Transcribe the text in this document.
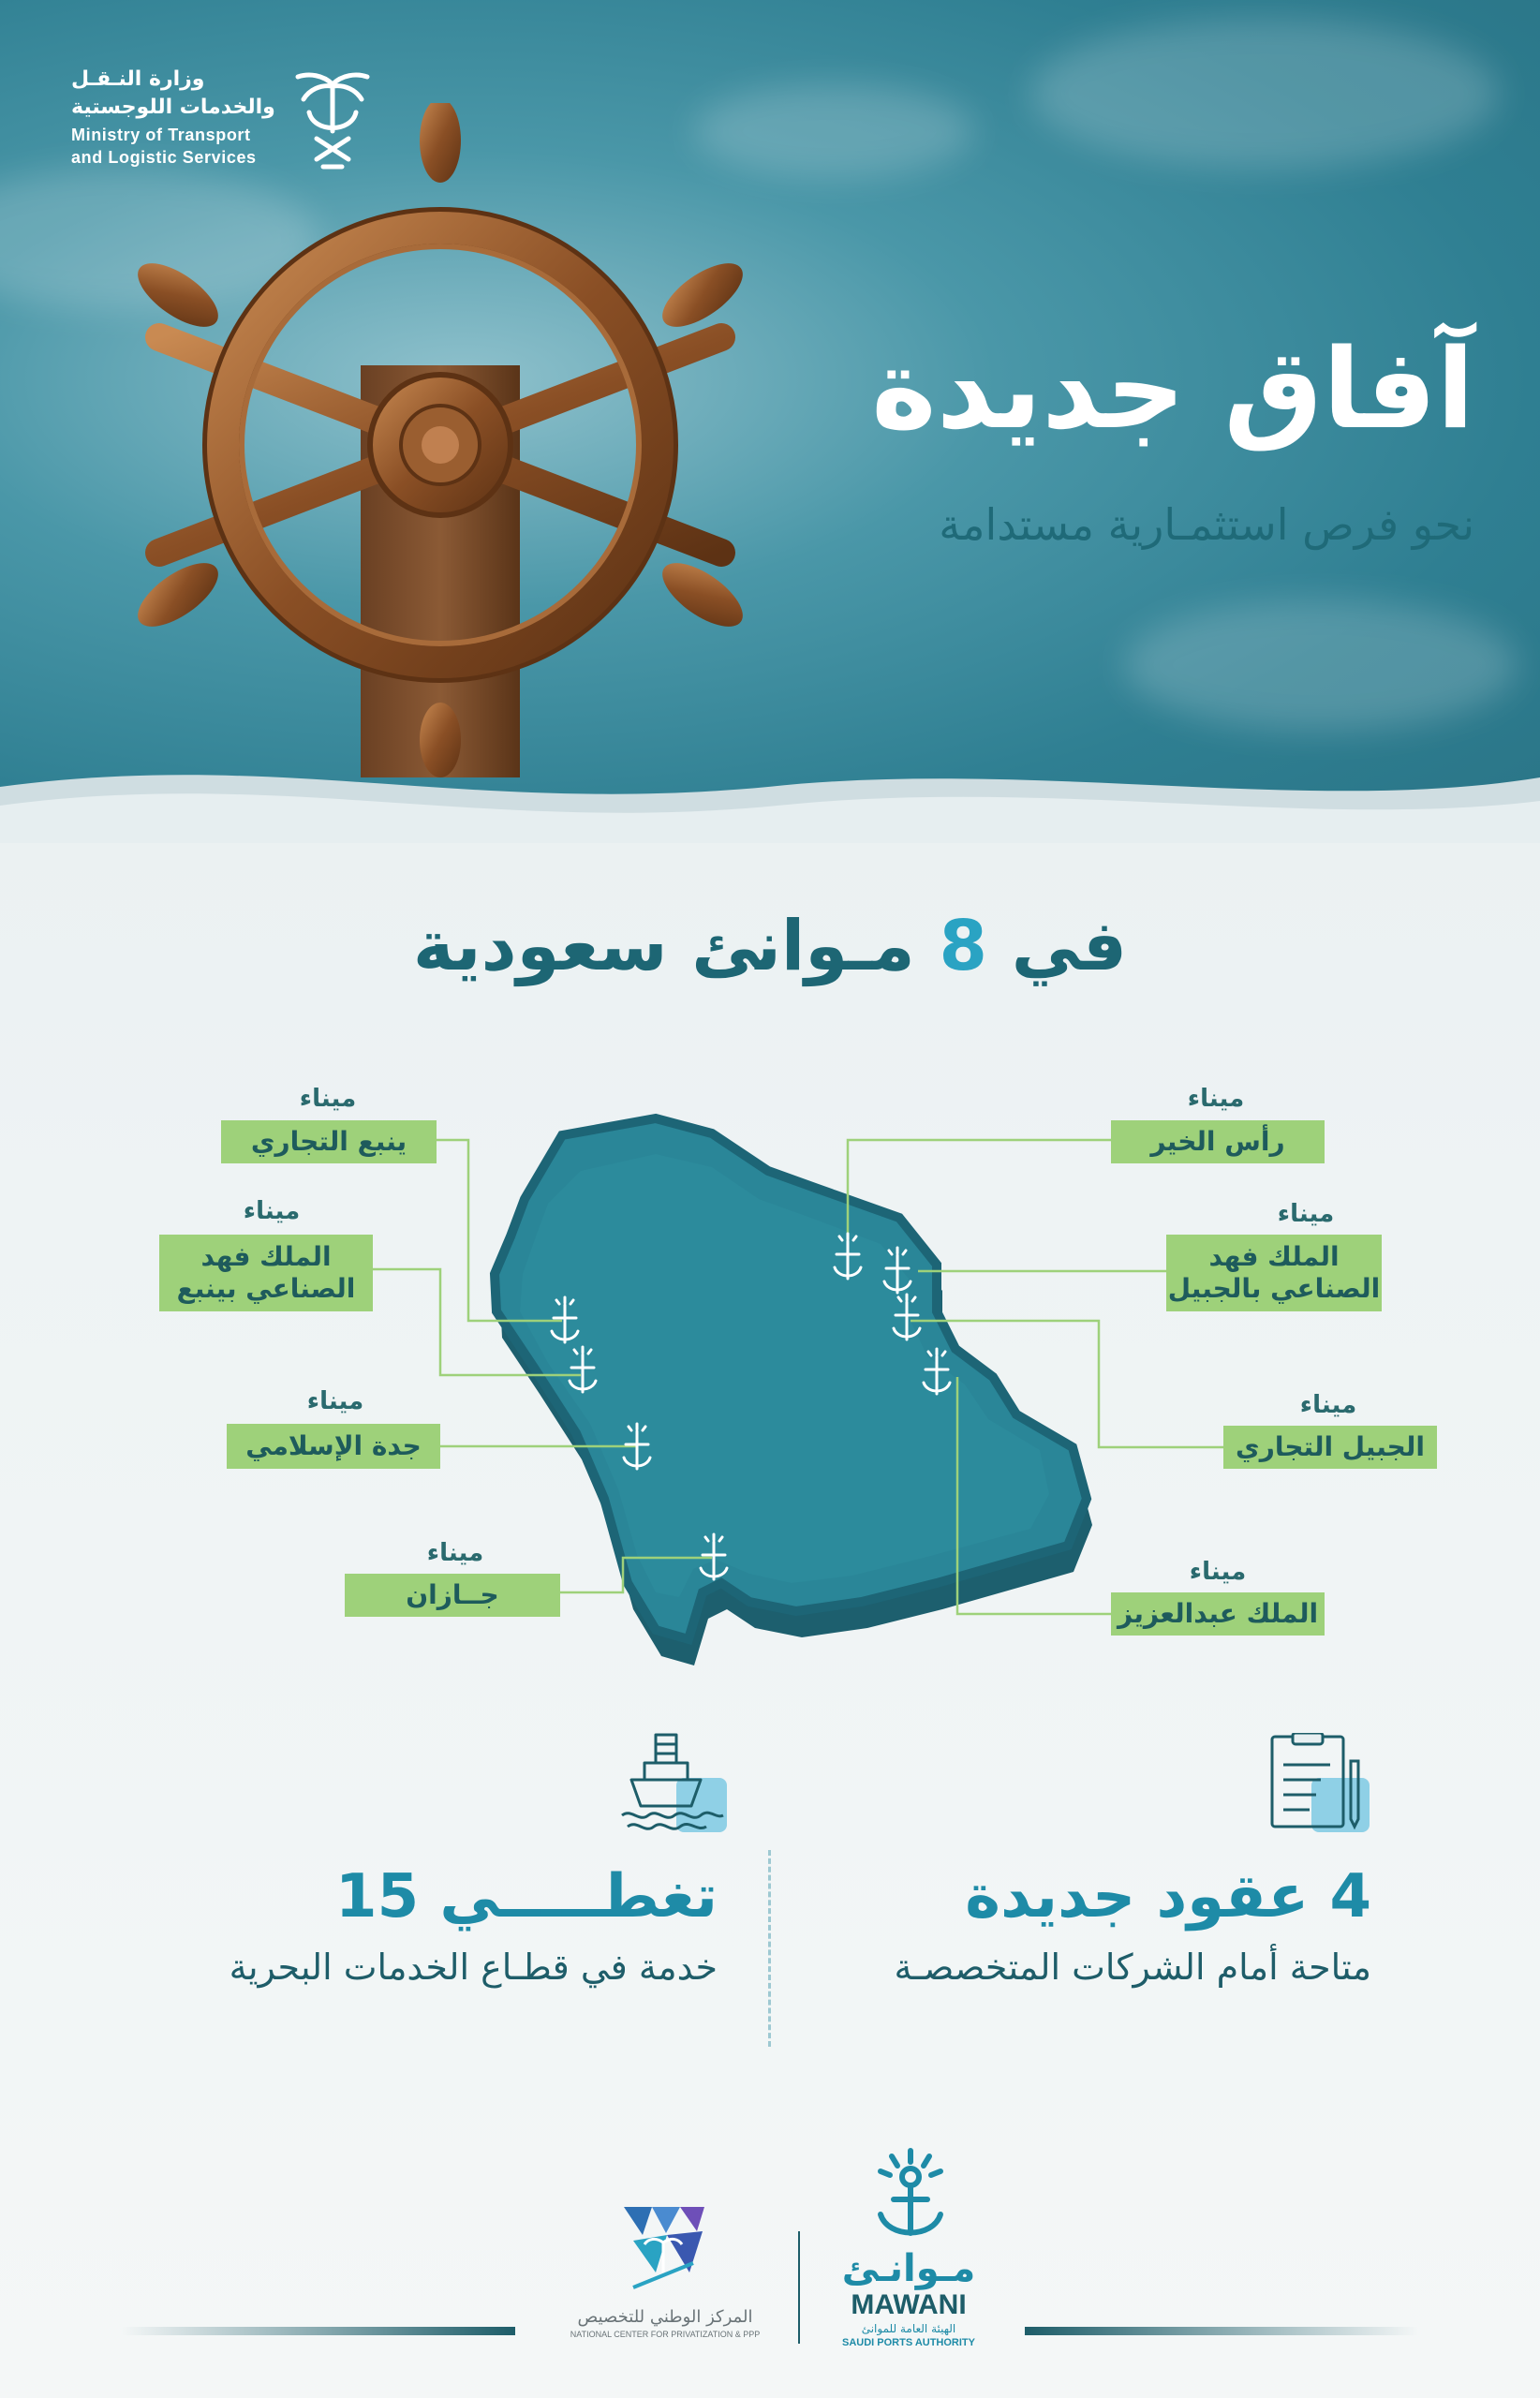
وزارة النـقـل
والخدمات اللوجستية
Ministry of Transport
and Logistic Services
آفاق جديدة
نحو فرص استثمـارية مستدامة
في 8 مـوانئ سعودية
ميناء
ينبع التجاري
ميناء
الملك فهد
الصناعي بينبع
ميناء
جدة الإسلامي
ميناء
جــازان
ميناء
رأس الخير
ميناء
الملك فهد
الصناعي بالجبيل
ميناء
الجبيل التجاري
ميناء
الملك عبدالعزيز
4 عقود جديدة
متاحة أمام الشركات المتخصصـة
تغطـــــي 15
خدمة في قطـاع الخدمات البحرية
مـوانـئ
MAWANI
الهيئة العامة للموانئ
SAUDI PORTS AUTHORITY
المركز الوطني للتخصيص
NATIONAL CENTER FOR PRIVATIZATION & PPP
